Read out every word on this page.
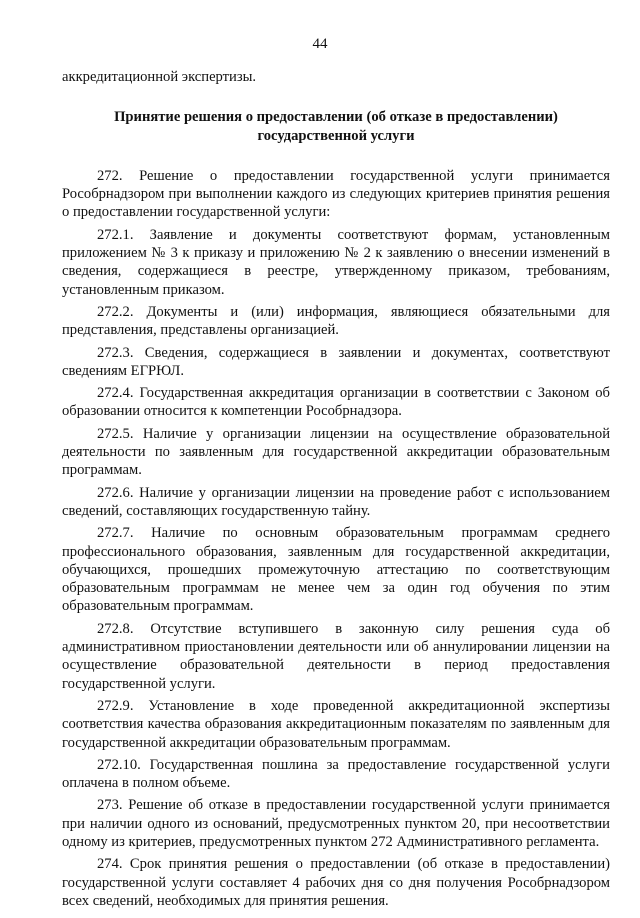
44

аккредитационной экспертизы.

Принятие решения о предоставлении (об отказе в предоставлении)
государственной услуги

272. Решение о предоставлении государственной услуги принимается Рособрнадзором при выполнении каждого из следующих критериев принятия решения о предоставлении государственной услуги:

272.1. Заявление и документы соответствуют формам, установленным приложением № 3 к приказу и приложению № 2 к заявлению о внесении изменений в сведения, содержащиеся в реестре, утвержденному приказом, требованиям, установленным приказом.

272.2. Документы и (или) информация, являющиеся обязательными для представления, представлены организацией.

272.3. Сведения, содержащиеся в заявлении и документах, соответствуют сведениям ЕГРЮЛ.

272.4. Государственная аккредитация организации в соответствии с Законом об образовании относится к компетенции Рособрнадзора.

272.5. Наличие у организации лицензии на осуществление образовательной деятельности по заявленным для государственной аккредитации образовательным программам.

272.6. Наличие у организации лицензии на проведение работ с использованием сведений, составляющих государственную тайну.

272.7. Наличие по основным образовательным программам среднего профессионального образования, заявленным для государственной аккредитации, обучающихся, прошедших промежуточную аттестацию по соответствующим образовательным программам не менее чем за один год обучения по этим образовательным программам.

272.8. Отсутствие вступившего в законную силу решения суда об административном приостановлении деятельности или об аннулировании лицензии на осуществление образовательной деятельности в период предоставления государственной услуги.

272.9. Установление в ходе проведенной аккредитационной экспертизы соответствия качества образования аккредитационным показателям по заявленным для государственной аккредитации образовательным программам.

272.10. Государственная пошлина за предоставление государственной услуги оплачена в полном объеме.

273. Решение об отказе в предоставлении государственной услуги принимается при наличии одного из оснований, предусмотренных пунктом 20, при несоответствии одному из критериев, предусмотренных пунктом 272 Административного регламента.

274. Срок принятия решения о предоставлении (об отказе в предоставлении) государственной услуги составляет 4 рабочих дня со дня получения Рособрнадзором всех сведений, необходимых для принятия решения.
